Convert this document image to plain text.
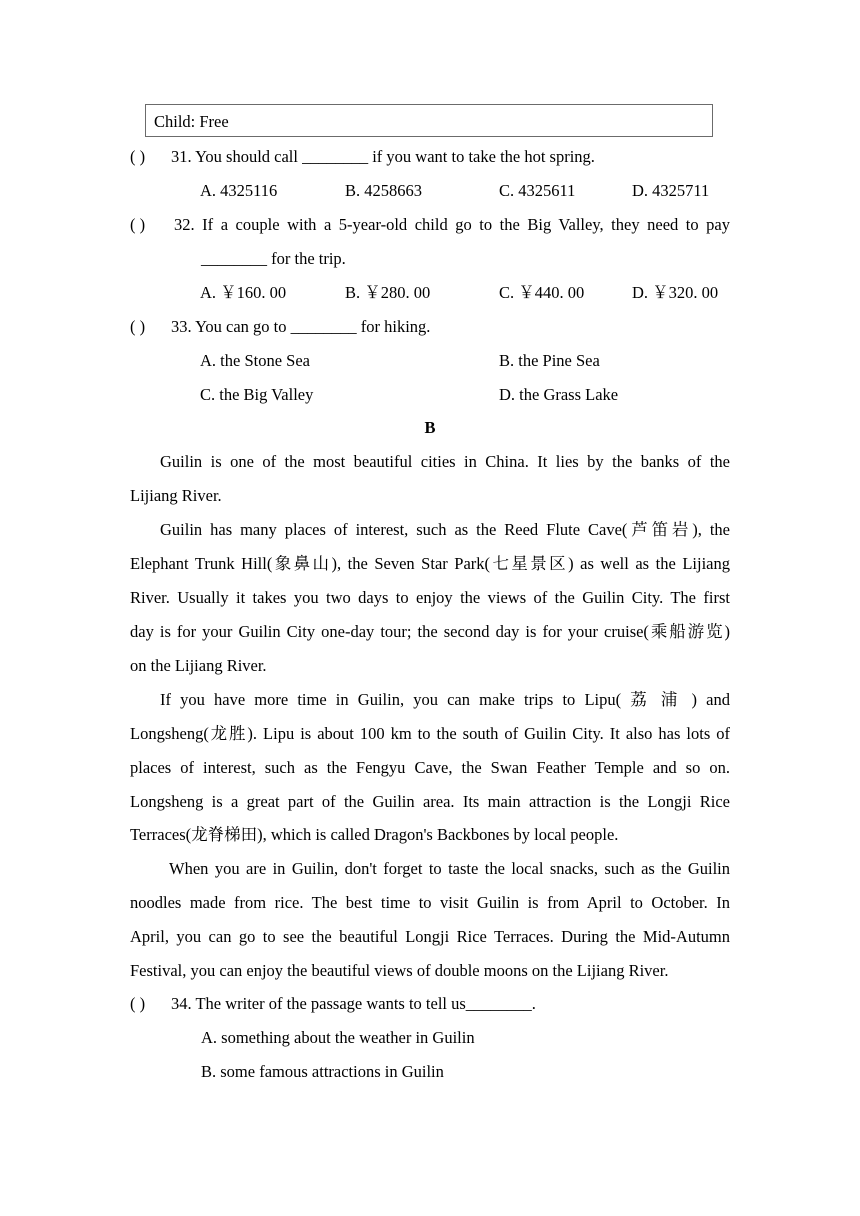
Child: Free
( ) 31. You should call ________ if you want to take the hot spring.
A. 4325116	B. 4258663	C. 4325611	D. 4325711
( )	32. If a couple with a 5-year-old child go to the Big Valley, they need to pay
________ for the trip.
A. ￥160. 00	B. ￥280. 00	C. ￥440. 00	D. ￥320. 00
( ) 33. You can go to ________ for hiking.
A. the Stone Sea	B. the Pine Sea
C. the Big Valley	D. the Grass Lake
B
Guilin is one of the most beautiful cities in China. It lies by the banks of the
Lijiang River.
Guilin has many places of interest, such as the Reed Flute Cave(芦笛岩), the
Elephant Trunk Hill(象鼻山), the Seven Star Park(七星景区) as well as the Lijiang
River. Usually it takes you two days to enjoy the views of the Guilin City. The first
day is for your Guilin City one-day tour; the second day is for your cruise(乘船游览)
on the Lijiang River.
If you have more time in Guilin, you can make trips to Lipu( 荔 浦 ) and
Longsheng(龙胜). Lipu is about 100 km to the south of Guilin City. It also has lots of
places of interest, such as the Fengyu Cave, the Swan Feather Temple and so on.
Longsheng is a great part of the Guilin area. Its main attraction is the Longji Rice
Terraces(龙脊梯田), which is called Dragon's Backbones by local people.
When you are in Guilin, don't forget to taste the local snacks, such as the Guilin
noodles made from rice. The best time to visit Guilin is from April to October. In
April, you can go to see the beautiful Longji Rice Terraces. During the Mid-Autumn
Festival, you can enjoy the beautiful views of double moons on the Lijiang River.
( ) 34. The writer of the passage wants to tell us________.
A. something about the weather in Guilin
B. some famous attractions in Guilin
